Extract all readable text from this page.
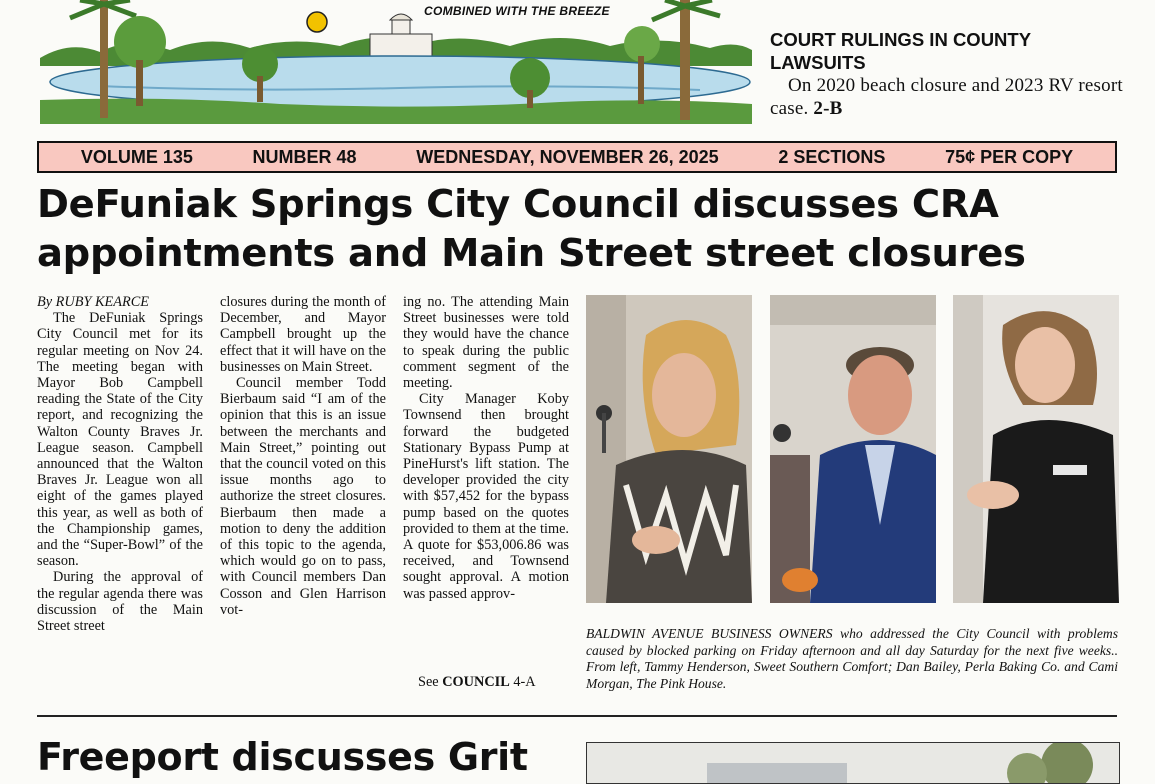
COMBINED WITH THE BREEZE

COURT RULINGS IN COUNTY LAWSUITS

On 2020 beach closure and 2023 RV resort case. 2-B
VOLUME 135	NUMBER 48	WEDNESDAY, NOVEMBER 26, 2025	2 SECTIONS	75¢ PER COPY
DeFuniak Springs City Council discusses CRA appointments and Main Street street closures

By RUBY KEARCE

The DeFuniak Springs City Council met for its regular meeting on Nov 24. The meeting began with Mayor Bob Campbell reading the State of the City report, and recognizing the Walton County Braves Jr. League season. Campbell announced that the Walton Braves Jr. League won all eight of the games played this year, as well as both of the Championship games, and the “Super-Bowl” of the season.

During the approval of the regular agenda there was discussion of the Main Street street

closures during the month of December, and Mayor Campbell brought up the effect that it will have on the businesses on Main Street.

Council member Todd Bierbaum said “I am of the opinion that this is an issue between the merchants and Main Street,” pointing out that the council voted on this issue months ago to authorize the street closures. Bierbaum then made a motion to deny the addition of this topic to the agenda, which would go on to pass, with Council members Dan Cosson and Glen Harrison vot-

ing no. The attending Main Street businesses were told they would have the chance to speak during the public comment segment of the meeting.

City Manager Koby Townsend then brought forward the budgeted Stationary Bypass Pump at PineHurst's lift station. The developer provided the city with $57,452 for the bypass pump based on the quotes provided to them at the time. A quote for $53,006.86 was received, and Townsend sought approval. A motion was passed approv-

See COUNCIL 4-A
BALDWIN AVENUE BUSINESS OWNERS who addressed the City Council with problems caused by blocked parking on Friday afternoon and all day Saturday for the next five weeks.. From left, Tammy Henderson, Sweet Southern Comfort; Dan Bailey, Perla Baking Co. and Cami Morgan, The Pink House.
Freeport discusses Grit
